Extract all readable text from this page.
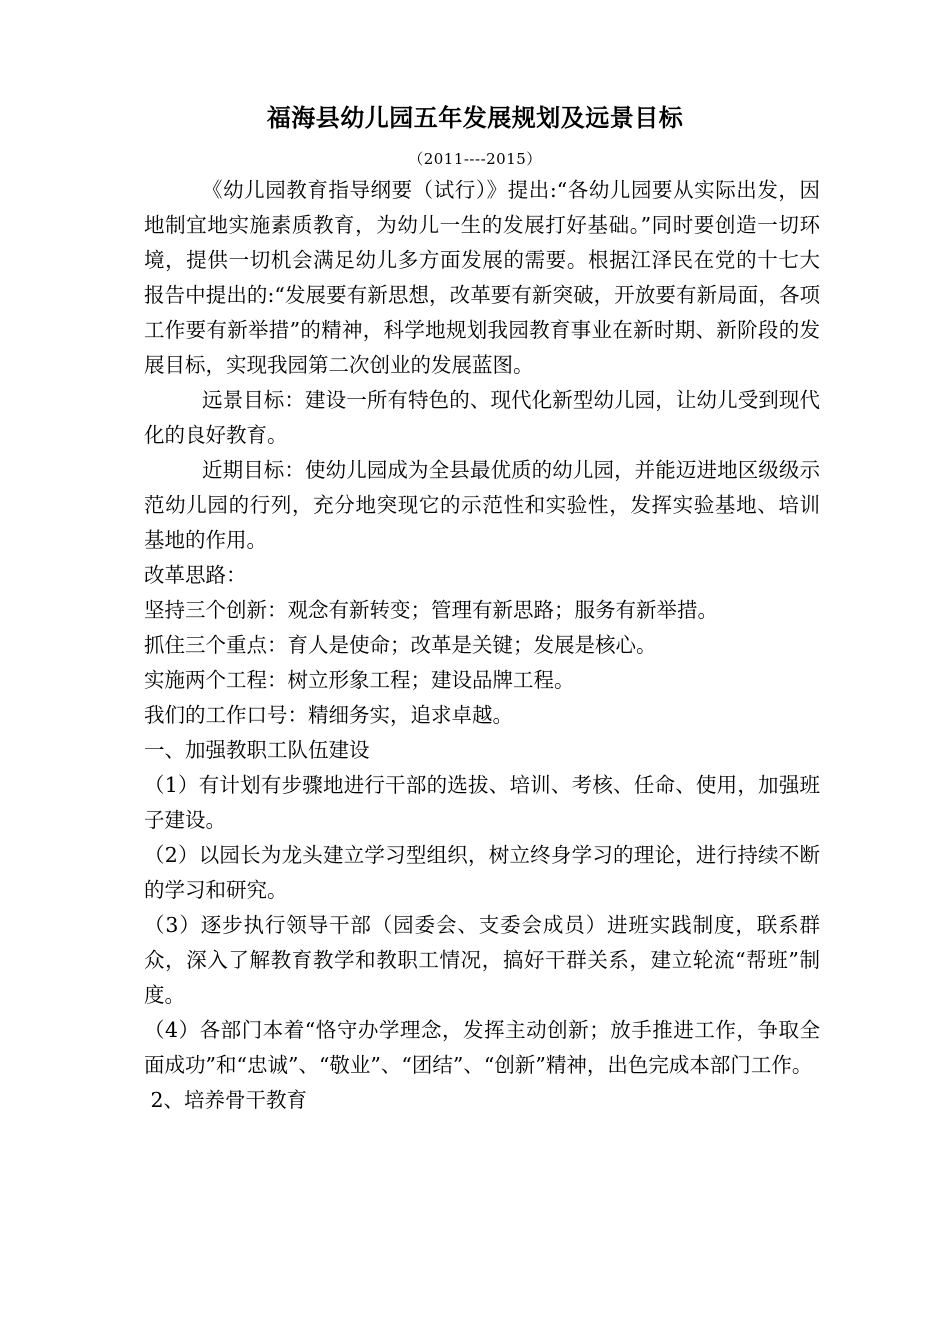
福海县幼儿园五年发展规划及远景目标
（2011----2015）

《幼儿园教育指导纲要（试行）》提出:“各幼儿园要从实际出发，因地制宜地实施素质教育，为幼儿一生的发展打好基础。”同时要创造一切环境，提供一切机会满足幼儿多方面发展的需要。根据江泽民在党的十七大报告中提出的:“发展要有新思想，改革要有新突破，开放要有新局面，各项工作要有新举措”的精神，科学地规划我园教育事业在新时期、新阶段的发展目标，实现我园第二次创业的发展蓝图。

远景目标：建设一所有特色的、现代化新型幼儿园，让幼儿受到现代化的良好教育。

近期目标：使幼儿园成为全县最优质的幼儿园，并能迈进地区级级示范幼儿园的行列，充分地突现它的示范性和实验性，发挥实验基地、培训基地的作用。

改革思路：

坚持三个创新：观念有新转变；管理有新思路；服务有新举措。

抓住三个重点：育人是使命；改革是关键；发展是核心。

实施两个工程：树立形象工程；建设品牌工程。

我们的工作口号：精细务实，追求卓越。

一、加强教职工队伍建设

（1）有计划有步骤地进行干部的选拔、培训、考核、任命、使用，加强班子建设。

（2）以园长为龙头建立学习型组织，树立终身学习的理论，进行持续不断的学习和研究。

（3）逐步执行领导干部（园委会、支委会成员）进班实践制度，联系群众，深入了解教育教学和教职工情况，搞好干群关系，建立轮流“帮班”制度。

（4）各部门本着“恪守办学理念，发挥主动创新；放手推进工作，争取全面成功”和“忠诚”、“敬业”、“团结”、“创新”精神，出色完成本部门工作。

2、培养骨干教育
